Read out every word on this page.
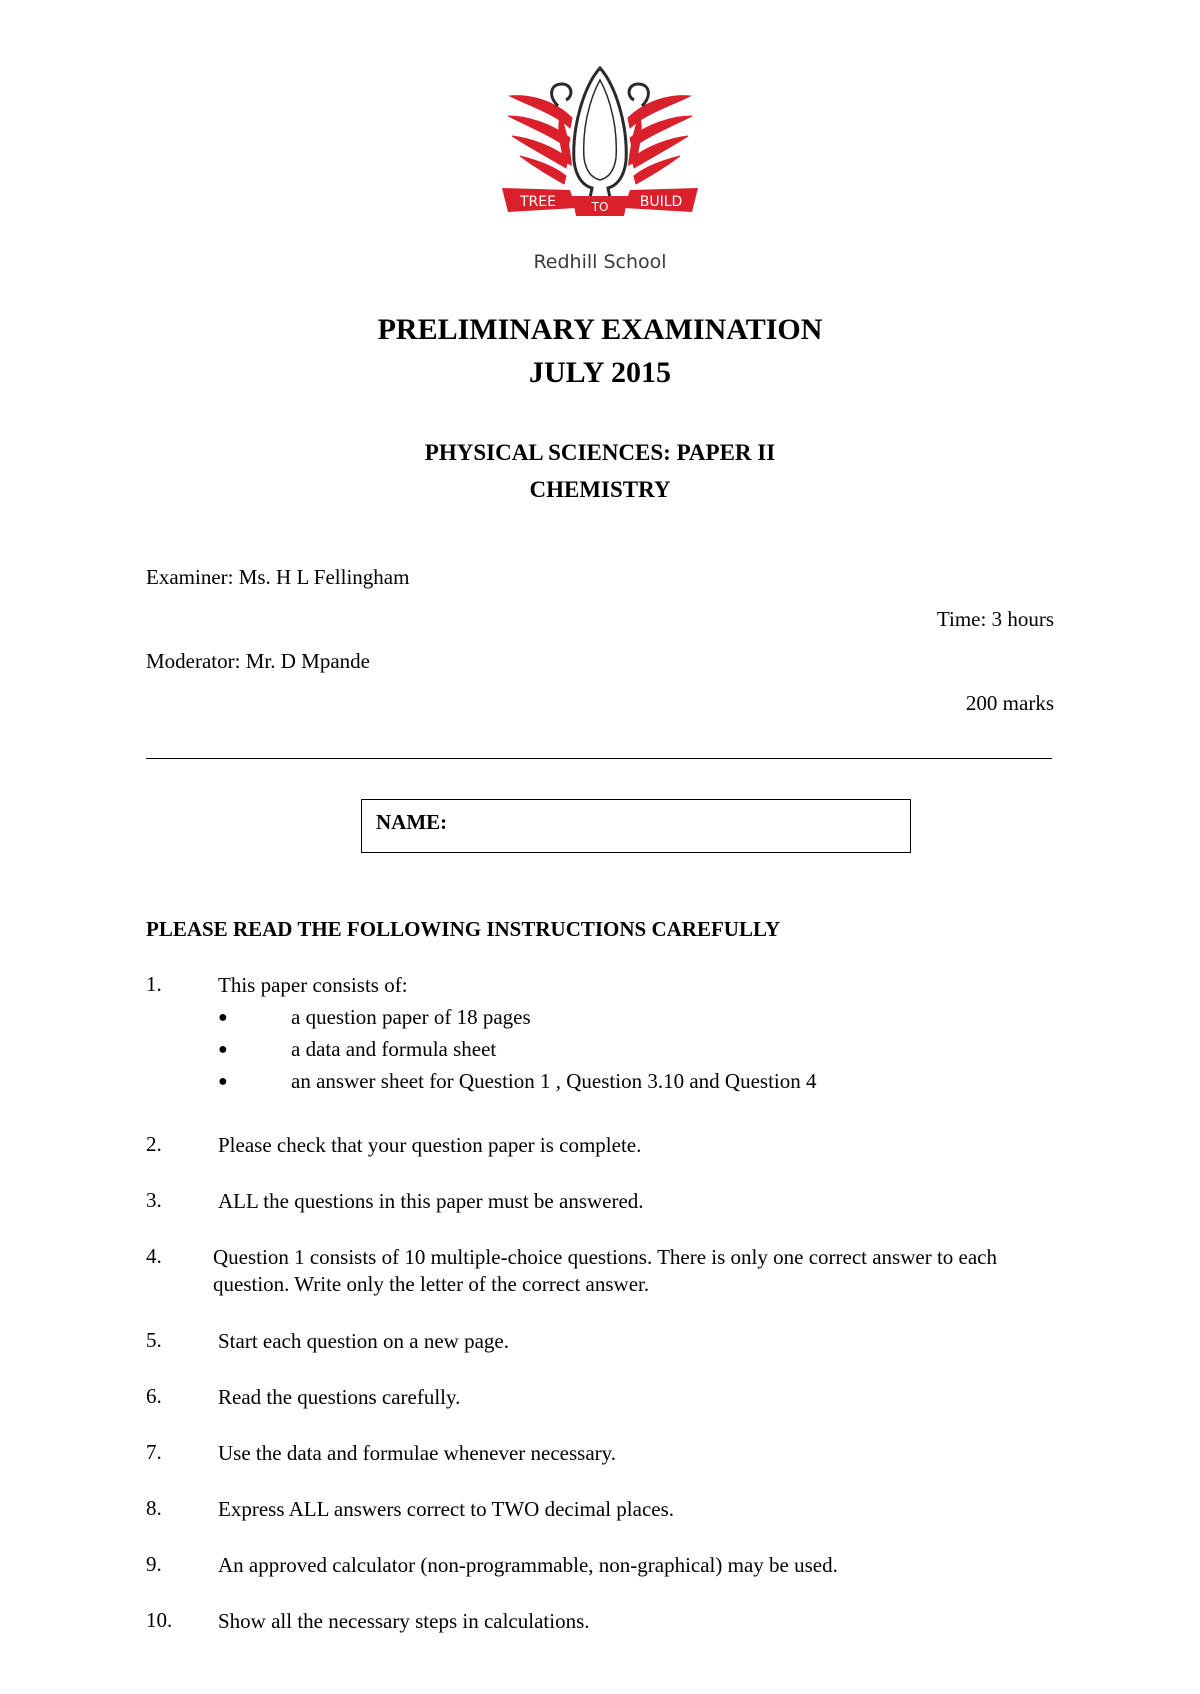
TREE	TO BUILD
Redhill School
PRELIMINARY EXAMINATION
JULY 2015
PHYSICAL SCIENCES: PAPER II
CHEMISTRY
Examiner: Ms. H L Fellingham
Time: 3 hours
Moderator: Mr. D Mpande
200 marks
NAME:
PLEASE READ THE FOLLOWING INSTRUCTIONS CAREFULLY
1.	This paper consists of:
●	a question paper of 18 pages
●	a data and formula sheet
●	an answer sheet for Question 1 , Question 3.10 and Question 4
2.	Please check that your question paper is complete.
3.	ALL the questions in this paper must be answered.
4. Question 1 consists of 10 multiple-choice questions. There is only one correct answer to each question. Write only the letter of the correct answer.
5.	Start each question on a new page.
6.	Read the questions carefully.
7.	Use the data and formulae whenever necessary.
8.	Express ALL answers correct to TWO decimal places.
9.	An approved calculator (non-programmable, non-graphical) may be used.
10. Show all the necessary steps in calculations.
